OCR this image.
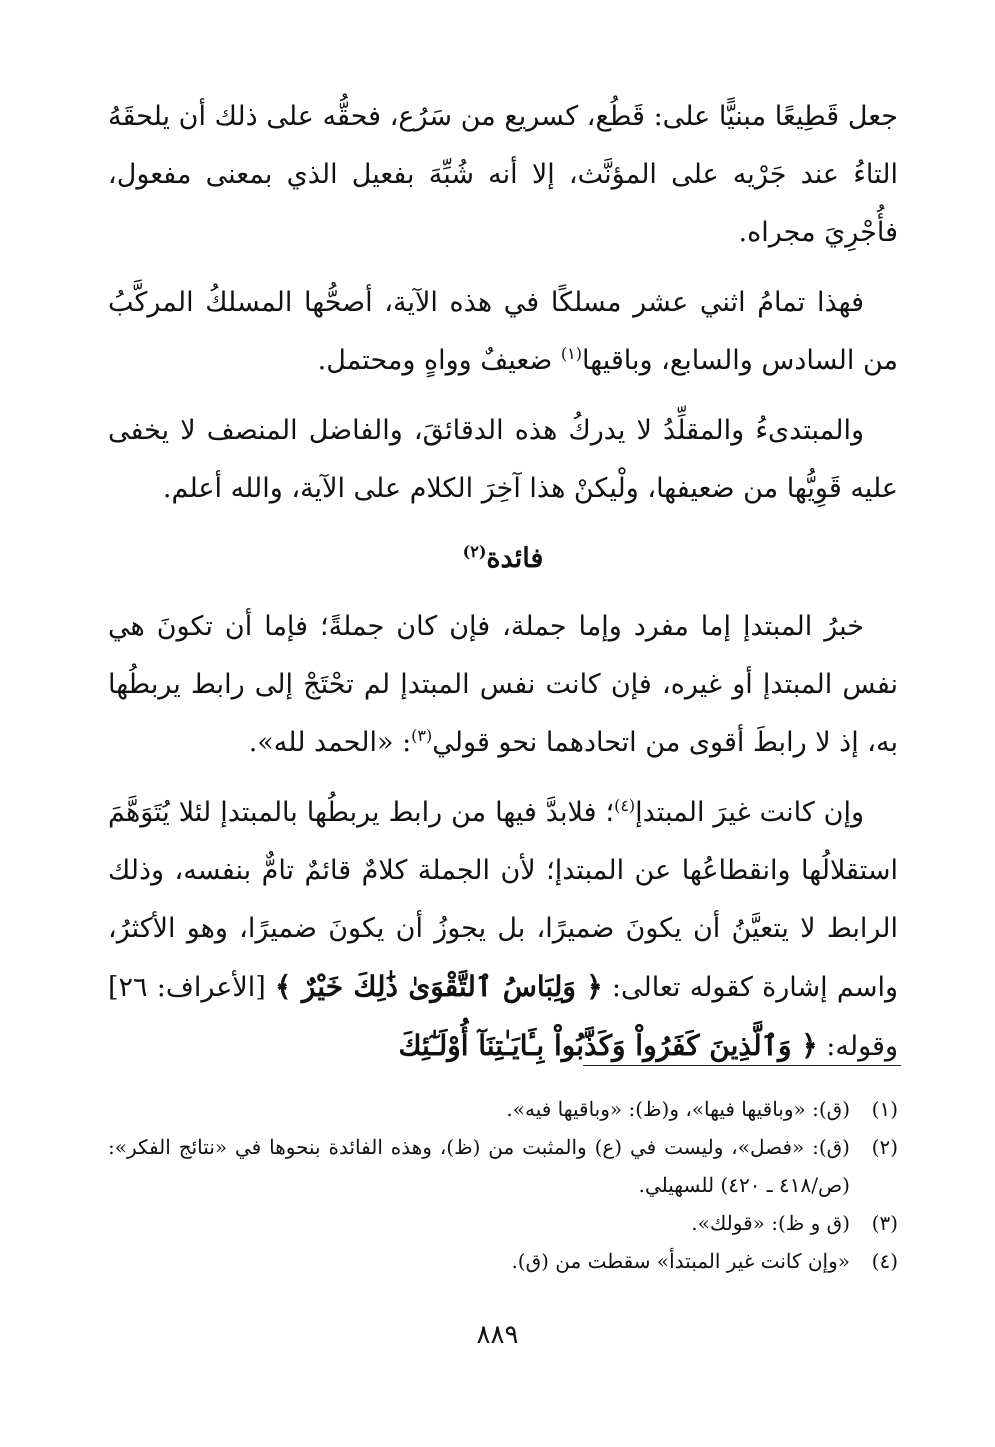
جعل قَطِيعًا مبنيًّا على: قَطُع، كسريع من سَرُع، فحقُّه على ذلك أن يلحقَهُ التاءُ عند جَرْيه على المؤنَّث، إلا أنه شُبِّهَ بفعيل الذي بمعنى مفعول، فأُجْرِيَ مجراه.

فهذا تمامُ اثني عشر مسلكًا في هذه الآية، أصحُّها المسلكُ المركَّبُ من السادس والسابع، وباقيها$^{(١)}$ ضعيفٌ وواهٍ ومحتمل.

والمبتدىءُ والمقلِّدُ لا يدركُ هذه الدقائقَ، والفاضل المنصف لا يخفى عليه قَوِيُّها من ضعيفها، ولْيكنْ هذا آخِرَ الكلام على الآية، والله أعلم.

فائدة$^{(٢)}$

خبرُ المبتدإ إما مفرد وإما جملة، فإن كان جملةً؛ فإما أن تكونَ هي نفس المبتدإ أو غيره، فإن كانت نفس المبتدإ لم تحْتَجْ إلى رابط يربطُها به، إذ لا رابطَ أقوى من اتحادهما نحو قولي$^{(٣)}$: «الحمد لله».

وإن كانت غيرَ المبتدإ$^{(٤)}$؛ فلابدَّ فيها من رابط يربطُها بالمبتدإ لئلا يُتَوَهَّمَ استقلالُها وانقطاعُها عن المبتدإ؛ لأن الجملة كلامٌ قائمٌ تامٌّ بنفسه، وذلك الرابط لا يتعيَّنُ أن يكونَ ضميرًا، بل يجوزُ أن يكونَ ضميرًا، وهو الأكثرُ، واسم إشارة كقوله تعالى: ﴿ وَلِبَاسُ ٱلتَّقْوَىٰ ذَٰلِكَ خَيْرٌ ﴾ [الأعراف: ٢٦] وقوله: ﴿ وَٱلَّذِينَ كَفَرُواْ وَكَذَّبُواْ بِـَٔايَـٰتِنَآ أُوْلَـٰٓئِكَ

(١)
(ق): «وباقيها فيها»، و(ظ): «وباقيها فيه».
(٢)
(ق): «فصل»، وليست في (ع) والمثبت من (ظ)، وهذه الفائدة بنحوها في «نتائج الفكر»: (ص/٤١٨ ـ ٤٢٠) للسهيلي.
(٣)
(ق و ظ): «قولك».
(٤)
«وإن كانت غير المبتدأ» سقطت من (ق).
٨٨٩
